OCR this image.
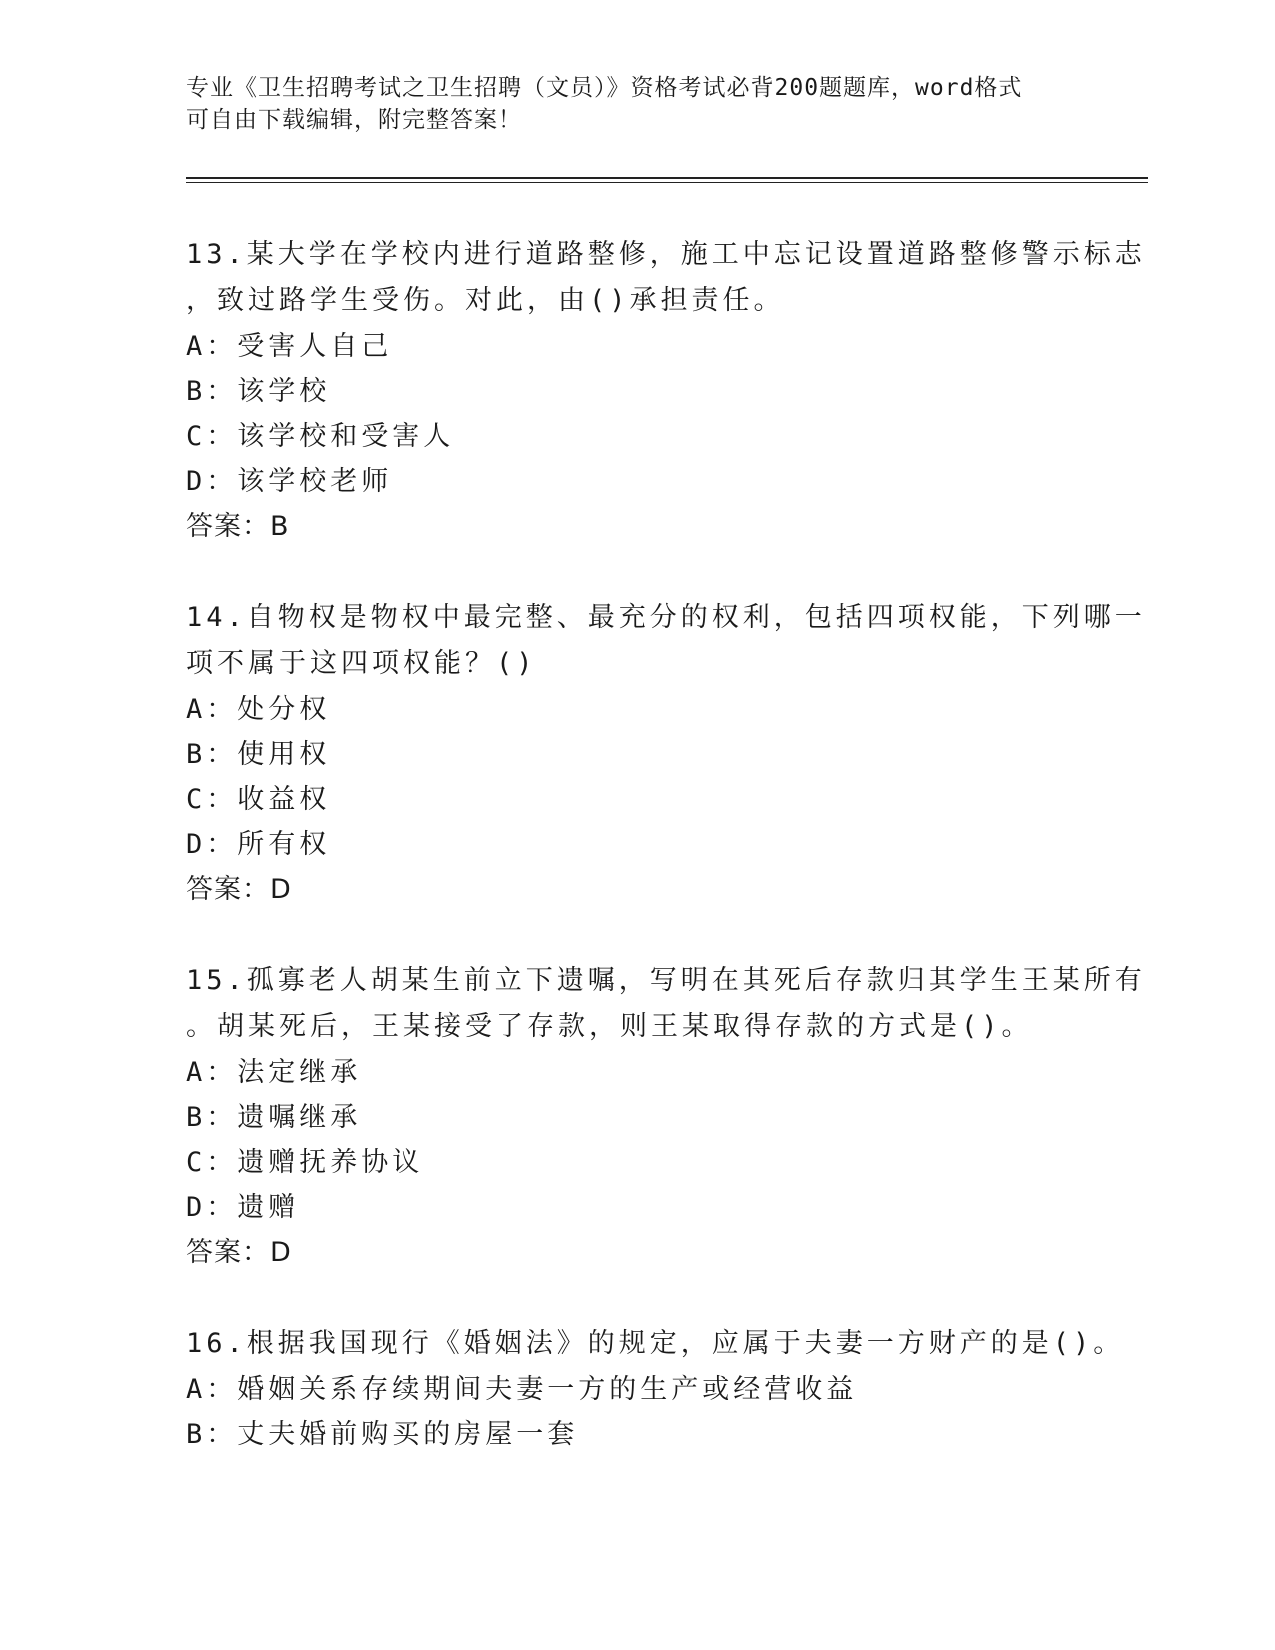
专业《卫生招聘考试之卫生招聘（文员）》资格考试必背200题题库，word格式

可自由下载编辑，附完整答案！

13.某大学在学校内进行道路整修，施工中忘记设置道路整修警示标志

，致过路学生受伤。对此，由()承担责任。

A：受害人自己

B：该学校

C：该学校和受害人

D：该学校老师

答案：B

14.自物权是物权中最完整、最充分的权利，包括四项权能，下列哪一

项不属于这四项权能？()

A：处分权

B：使用权

C：收益权

D：所有权

答案：D

15.孤寡老人胡某生前立下遗嘱，写明在其死后存款归其学生王某所有

。胡某死后，王某接受了存款，则王某取得存款的方式是()。

A：法定继承

B：遗嘱继承

C：遗赠抚养协议

D：遗赠

答案：D

16.根据我国现行《婚姻法》的规定，应属于夫妻一方财产的是()。

A：婚姻关系存续期间夫妻一方的生产或经营收益

B：丈夫婚前购买的房屋一套
